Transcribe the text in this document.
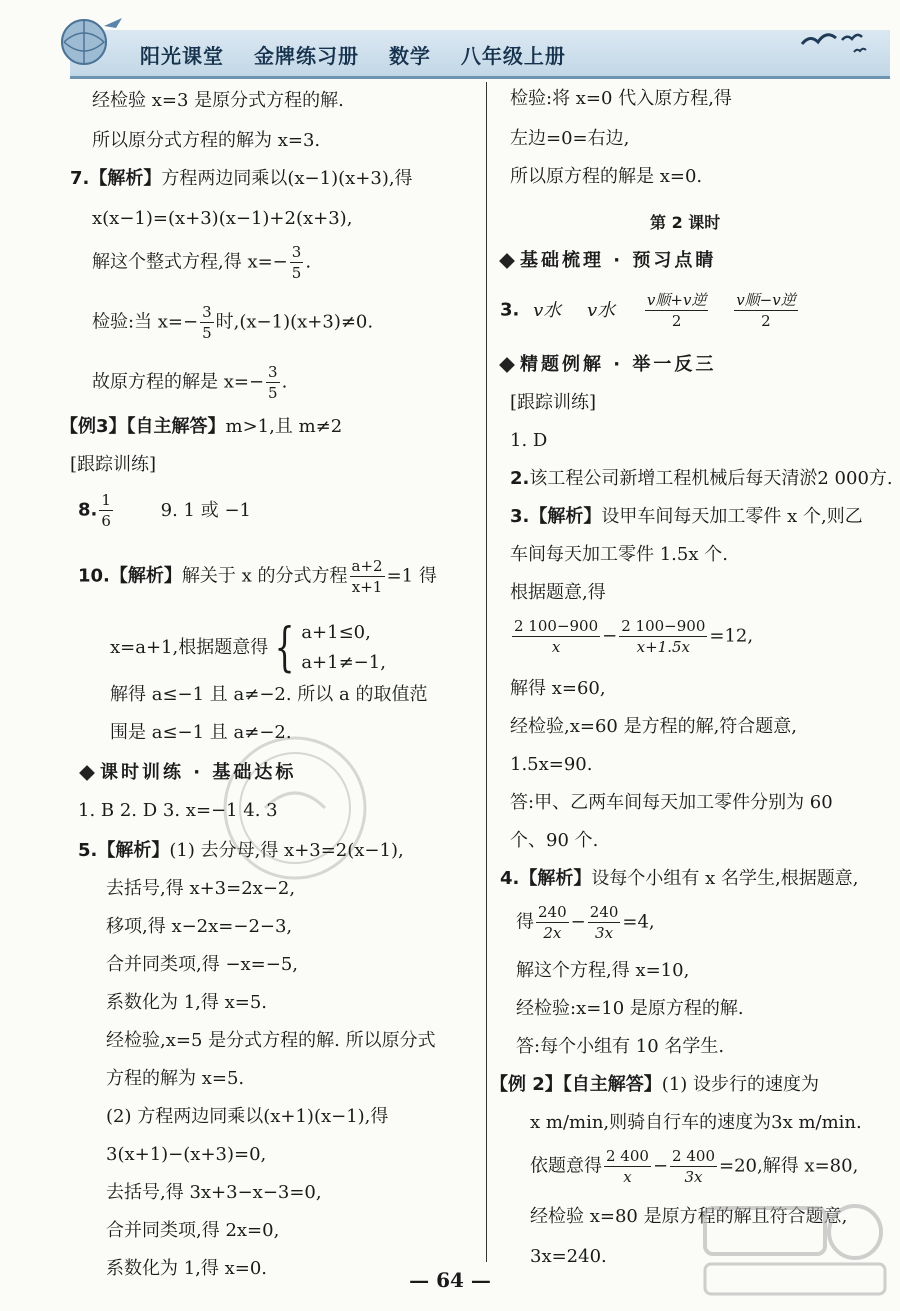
阳光课堂 金牌练习册 数学 八年级上册
经检验 x=3 是原分式方程的解.
所以原分式方程的解为 x=3.
7.【解析】方程两边同乘以(x−1)(x+3),得
x(x−1)=(x+3)(x−1)+2(x+3),
解这个整式方程,得 $x=- \frac{3}{5}$ .
检验:当 $x=- \frac{3}{5}$ 时,(x−1)(x+3)≠0.
故原方程的解是 $x=- \frac{3}{5}$ .
【例3】【自主解答】m>1,且 m≠2
[跟踪训练]
8. $\frac{1}{6}$	9. 1 或 −1
10.【解析】解关于 x 的分式方程 $\frac{a+2}{x+1} =1$ 得
x=a+1,根据题意得 { a+1≤0,
a+1≠−1,
解得 a≤−1 且 a≠−2. 所以 a 的取值范
围是 a≤−1 且 a≠−2.
课时训练 · 基础达标
1. B 2. D 3. x=−1 4. 3
5.【解析】(1) 去分母,得 x+3=2(x−1),
去括号,得 x+3=2x−2,
移项,得 x−2x=−2−3,
合并同类项,得 −x=−5,
系数化为 1,得 x=5.
经检验,x=5 是分式方程的解. 所以原分式
方程的解为 x=5.
(2) 方程两边同乘以(x+1)(x−1),得
3(x+1)−(x+3)=0,
去括号,得 3x+3−x−3=0,
合并同类项,得 2x=0,
系数化为 1,得 x=0.
检验:将 x=0 代入原方程,得
左边=0=右边,
所以原方程的解是 x=0.
第 2 课时
基础梳理 · 预习点睛
3. v水 v水 $\frac{\text{v顺+v逆}}{2}$
$\frac{\text{v顺−v逆}}{2}$
精题例解 · 举一反三
[跟踪训练]
1. D
2.该工程公司新增工程机械后每天清淤2 000方.
3.【解析】设甲车间每天加工零件 x 个,则乙
车间每天加工零件 1.5x 个.
根据题意,得
$\frac{2 100-900}{x} - \frac{2 100-900}{x+1.5x} =12$,
解得 x=60,
经检验,x=60 是方程的解,符合题意,
1.5x=90.
答:甲、乙两车间每天加工零件分别为 60
个、90 个.
4.【解析】设每个小组有 x 名学生,根据题意,
得 $\frac{240}{2x} - \frac{240}{3x} =4$,
解这个方程,得 x=10,
经检验:x=10 是原方程的解.
答:每个小组有 10 名学生.
【例 2】【自主解答】(1) 设步行的速度为
x m/min,则骑自行车的速度为3x m/min.
依题意得 $\frac{2 400}{x} - \frac{2 400}{3x} =20$,解得 x=80,
经检验 x=80 是原方程的解且符合题意,
3x=240.
— 64 —
